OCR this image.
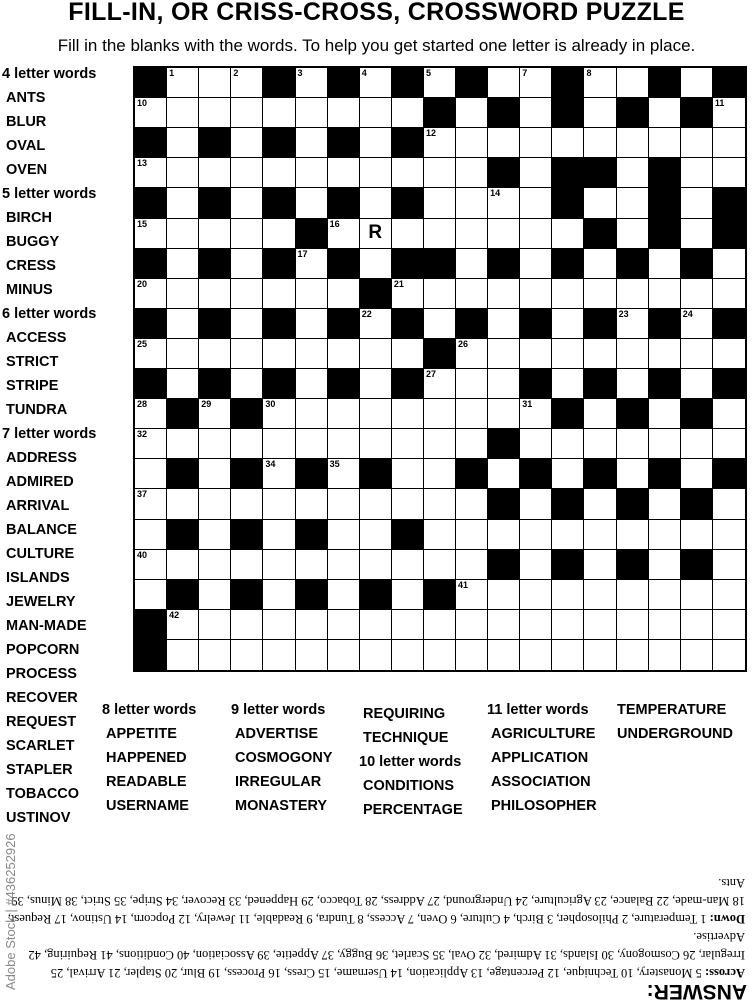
FILL-IN, OR CRISS-CROSS, CROSSWORD PUZZLE
Fill in the blanks with the words. To help you get started one letter is already in place.
1	2	3	4	5	6	7	8	9
10	11
12
13
14
15	16	R
17	18	19
20	21
22	23	24
25	26
27
28	29	30	31
32	33
34	35	36
37	38
39
40
41
42
4 letter words
ANTS
BLUR
OVAL
OVEN
5 letter words
BIRCH
BUGGY
CRESS
MINUS
6 letter words
ACCESS
STRICT
STRIPE
TUNDRA
7 letter words
ADDRESS
ADMIRED
ARRIVAL
BALANCE
CULTURE
ISLANDS
JEWELRY
MAN-MADE
POPCORN
PROCESS
RECOVER
REQUEST
SCARLET
STAPLER
TOBACCO
USTINOV
8 letter words
APPETITE
HAPPENED
READABLE
USERNAME
9 letter words
ADVERTISE
COSMOGONY
IRREGULAR
MONASTERY
REQUIRING
TECHNIQUE
10 letter words
CONDITIONS
PERCENTAGE
11 letter words
AGRICULTURE
APPLICATION
ASSOCIATION
PHILOSOPHER
TEMPERATURE
UNDERGROUND
ANSWER:

Across: 5 Monastery, 10 Technique, 12 Percentage, 13 Application, 14 Username, 15 Cress, 16 Process, 19 Blur, 20 Stapler, 21 Arrival, 25 Irregular, 26 Cosmogony, 30 Islands, 31 Admired, 32 Oval, 35 Scarlet, 36 Buggy, 37 Appetite, 39 Association, 40 Conditions, 41 Requiring, 42 Advertise.

Down: 1 Temperature, 2 Philosopher, 3 Birch, 4 Culture, 6 Oven, 7 Access, 8 Tundra, 9 Readable, 11 Jewelry, 12 Popcorn, 14 Ustinov, 17 Request, 18 Man-made, 22 Balance, 23 Agriculture, 24 Underground, 27 Address, 28 Tobacco, 29 Happened, 33 Recover, 34 Stripe, 35 Strict, 38 Minus, 39 Ants.

Adobe Stock | #436252926
